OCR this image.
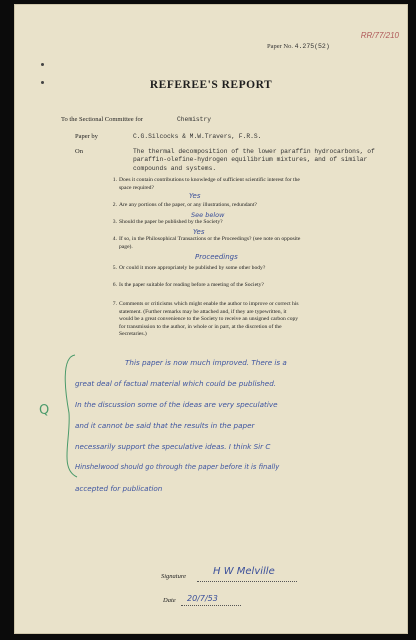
RR/77/210
Paper No. 4.275(52)
REFEREE'S REPORT
To the Sectional Committee for	Chemistry
Paper by	C.G.Silcocks & M.W.Travers, F.R.S.
On	The thermal decomposition of the lower paraffin hydrocarbons, of
paraffin-olefine-hydrogen equilibrium mixtures, and of similar
compounds and systems.
1. Does it contain contributions to knowledge of sufficient scientific interest for the
space required?
Yes
2. Are any portions of the paper, or any illustrations, redundant?
See below
3. Should the paper be published by the Society?
Yes
4. If so, in the Philosophical Transactions or the Proceedings? (see note on opposite
page).
Proceedings
5. Or could it more appropriately be published by some other body?
6. Is the paper suitable for reading before a meeting of the Society?
7. Comments or criticisms which might enable the author to improve or correct his
statement. (Further remarks may be attached and, if they are typewritten, it
would be a great convenience to the Society to receive an unsigned carbon copy
for transmission to the author, in whole or in part, at the discretion of the
Secretaries.)
Q
This paper is now much improved. There is a
great deal of factual material which could be published.
In the discussion some of the ideas are very speculative
and it cannot be said that the results in the paper
necessarily support the speculative ideas. I think Sir C
Hinshelwood should go through the paper before it is finally
accepted for publication
Signature	H W Melville
Date 20/7/53
